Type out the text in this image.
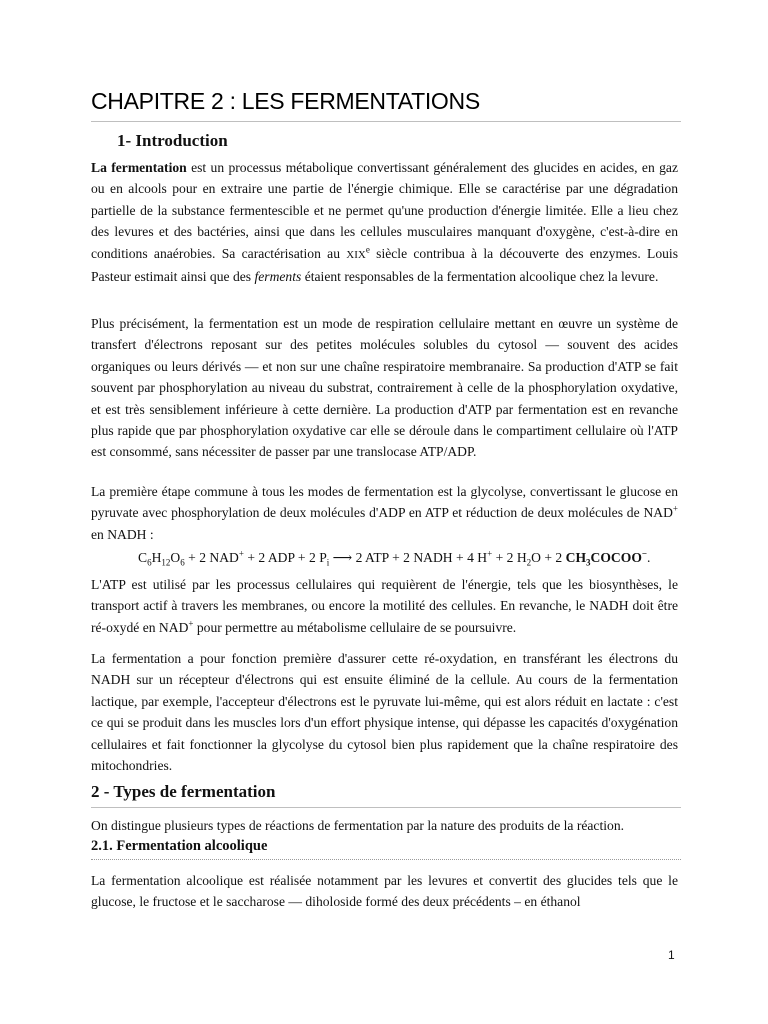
CHAPITRE 2 : LES FERMENTATIONS
1- Introduction

La fermentation est un processus métabolique convertissant généralement des glucides en acides, en gaz ou en alcools pour en extraire une partie de l'énergie chimique. Elle se caractérise par une dégradation partielle de la substance fermentescible et ne permet qu'une production d'énergie limitée. Elle a lieu chez des levures et des bactéries, ainsi que dans les cellules musculaires manquant d'oxygène, c'est-à-dire en conditions anaérobies. Sa caractérisation au XIXe siècle contribua à la découverte des enzymes. Louis Pasteur estimait ainsi que des ferments étaient responsables de la fermentation alcoolique chez la levure.

Plus précisément, la fermentation est un mode de respiration cellulaire mettant en œuvre un système de transfert d'électrons reposant sur des petites molécules solubles du cytosol — souvent des acides organiques ou leurs dérivés — et non sur une chaîne respiratoire membranaire. Sa production d'ATP se fait souvent par phosphorylation au niveau du substrat, contrairement à celle de la phosphorylation oxydative, et est très sensiblement inférieure à cette dernière. La production d'ATP par fermentation est en revanche plus rapide que par phosphorylation oxydative car elle se déroule dans le compartiment cellulaire où l'ATP est consommé, sans nécessiter de passer par une translocase ATP/ADP.

La première étape commune à tous les modes de fermentation est la glycolyse, convertissant le glucose en pyruvate avec phosphorylation de deux molécules d'ADP en ATP et réduction de deux molécules de NAD+ en NADH :

$C_6H_{12}O_6 + 2$ NAD+ + 2 ADP + 2 $P_i$ ⟶ 2 ATP + 2 NADH + 4 H+ + 2 $H_2O + 2$ $CH_3COCOO^-$.

L'ATP est utilisé par les processus cellulaires qui requièrent de l'énergie, tels que les biosynthèses, le transport actif à travers les membranes, ou encore la motilité des cellules. En revanche, le NADH doit être ré-oxydé en NAD+ pour permettre au métabolisme cellulaire de se poursuivre.

La fermentation a pour fonction première d'assurer cette ré-oxydation, en transférant les électrons du NADH sur un récepteur d'électrons qui est ensuite éliminé de la cellule. Au cours de la fermentation lactique, par exemple, l'accepteur d'électrons est le pyruvate lui-même, qui est alors réduit en lactate : c'est ce qui se produit dans les muscles lors d'un effort physique intense, qui dépasse les capacités d'oxygénation cellulaires et fait fonctionner la glycolyse du cytosol bien plus rapidement que la chaîne respiratoire des mitochondries.

2 - Types de fermentation

On distingue plusieurs types de réactions de fermentation par la nature des produits de la réaction.

2.1. Fermentation alcoolique

La fermentation alcoolique est réalisée notamment par les levures et convertit des glucides tels que le glucose, le fructose et le saccharose — diholoside formé des deux précédents – en éthanol

1
